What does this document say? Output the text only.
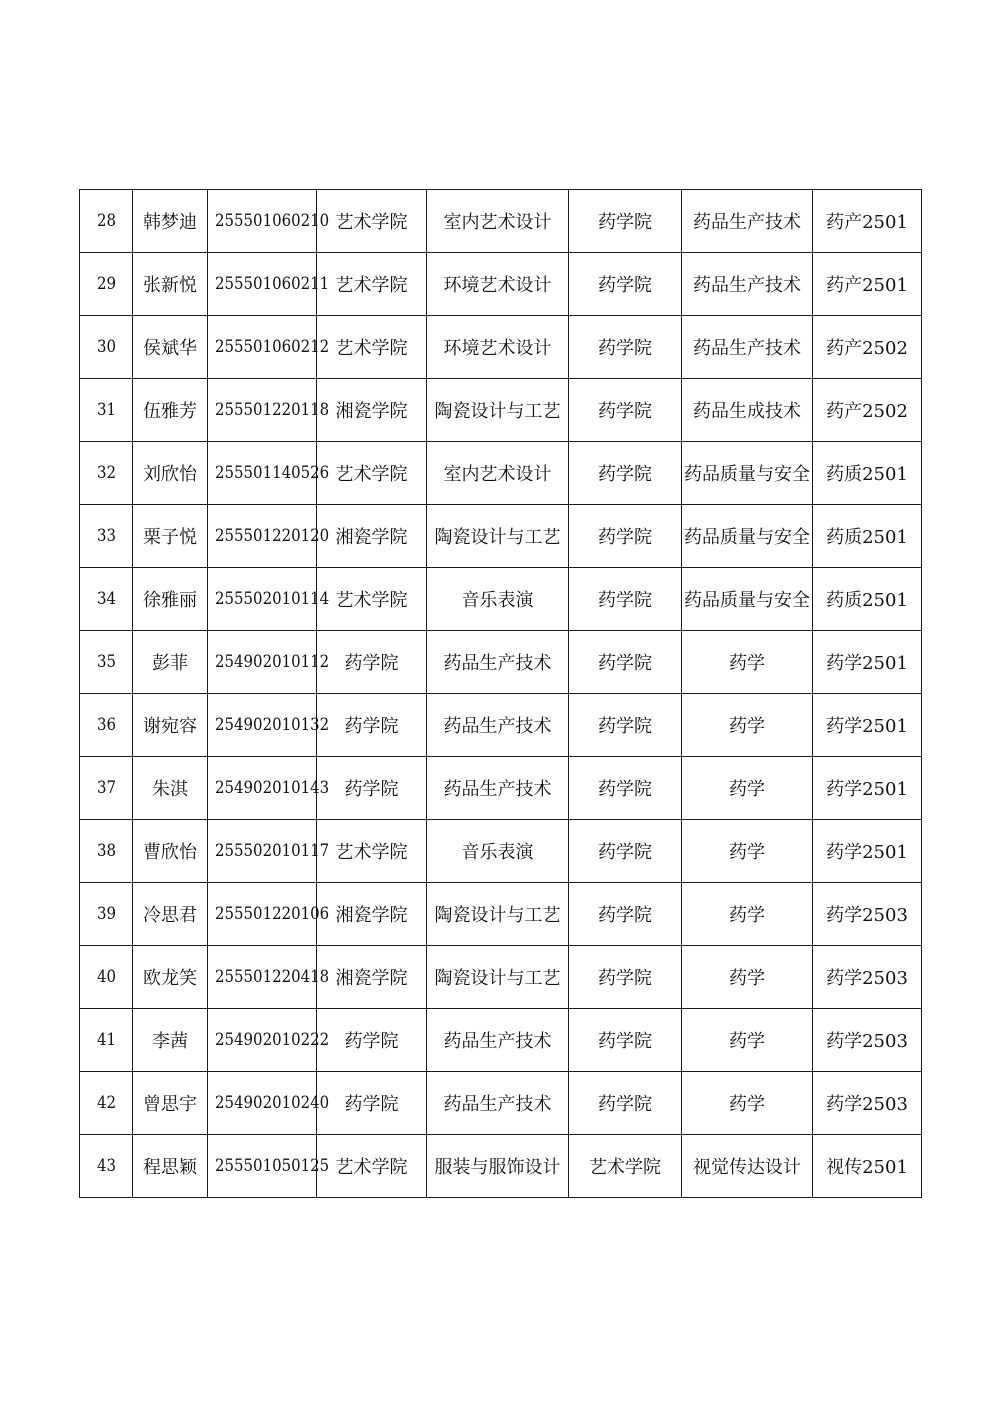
28	韩梦迪	255501060210	艺术学院	室内艺术设计	药学院	药品生产技术	药产2501
29	张新悦	255501060211	艺术学院	环境艺术设计	药学院	药品生产技术	药产2501
30	侯斌华	255501060212	艺术学院	环境艺术设计	药学院	药品生产技术	药产2502
31	伍雅芳	255501220118	湘瓷学院	陶瓷设计与工艺	药学院	药品生成技术	药产2502
32	刘欣怡	255501140526	艺术学院	室内艺术设计	药学院	药品质量与安全	药质2501
33	栗子悦	255501220120	湘瓷学院	陶瓷设计与工艺	药学院	药品质量与安全	药质2501
34	徐雅丽	255502010114	艺术学院	音乐表演	药学院	药品质量与安全	药质2501
35	彭菲	254902010112	药学院	药品生产技术	药学院	药学	药学2501
36	谢宛容	254902010132	药学院	药品生产技术	药学院	药学	药学2501
37	朱淇	254902010143	药学院	药品生产技术	药学院	药学	药学2501
38	曹欣怡	255502010117	艺术学院	音乐表演	药学院	药学	药学2501
39	冷思君	255501220106	湘瓷学院	陶瓷设计与工艺	药学院	药学	药学2503
40	欧龙笑	255501220418	湘瓷学院	陶瓷设计与工艺	药学院	药学	药学2503
41	李茜	254902010222	药学院	药品生产技术	药学院	药学	药学2503
42	曾思宇	254902010240	药学院	药品生产技术	药学院	药学	药学2503
43	程思颖	255501050125	艺术学院	服装与服饰设计	艺术学院	视觉传达设计	视传2501
